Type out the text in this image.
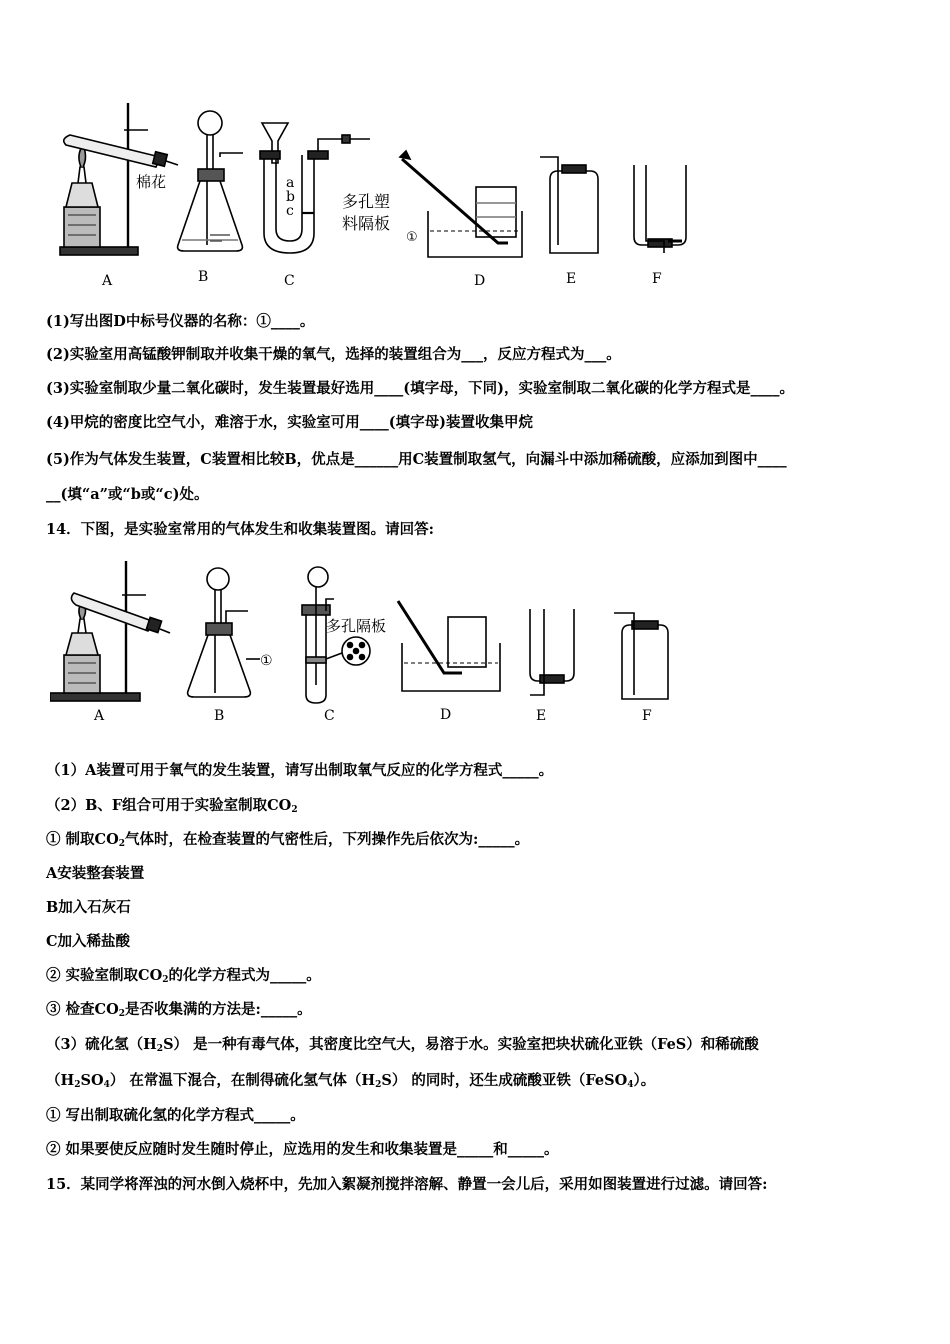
棉花	a
b
c	多孔塑
料隔板
①
A	B	C	D	E	F
(1)写出图D中标号仪器的名称：①____。
(2)实验室用高锰酸钾制取并收集干燥的氧气，选择的装置组合为___，反应方程式为___。
(3)实验室制取少量二氧化碳时，发生装置最好选用____(填字母，下同)，实验室制取二氧化碳的化学方程式是____。
(4)甲烷的密度比空气小，难溶于水，实验室可用____(填字母)装置收集甲烷
(5)作为气体发生装置，C装置相比较B，优点是______用C装置制取氢气，向漏斗中添加稀硫酸，应添加到图中____
__(填“a”或“b或“c)处。
14．下图，是实验室常用的气体发生和收集装置图。请回答:
①
多孔隔板
A	B	C	D	E	F
（1）A装置可用于氧气的发生装置，请写出制取氧气反应的化学方程式_____。
（2）B、F组合可用于实验室制取$CO_2$
① 制取$CO_2$气体时，在检查装置的气密性后，下列操作先后依次为:_____。
A安装整套装置
B加入石灰石
C加入稀盐酸
② 实验室制取$CO_2$的化学方程式为_____。
③ 检查$CO_2$是否收集满的方法是:_____。
（3）硫化氢$(H_2S)$ 是一种有毒气体，其密度比空气大，易溶于水。实验室把块状硫化亚铁（FeS）和稀硫酸
$(H_2SO_4)$ 在常温下混合，在制得硫化氢气体$(H_2S)$ 的同时，还生成硫酸亚铁（FeSO$_4$）。
① 写出制取硫化氢的化学方程式_____。
② 如果要使反应随时发生随时停止，应选用的发生和收集装置是_____和_____。
15．某同学将浑浊的河水倒入烧杯中，先加入絮凝剂搅拌溶解、静置一会儿后，采用如图装置进行过滤。请回答:
